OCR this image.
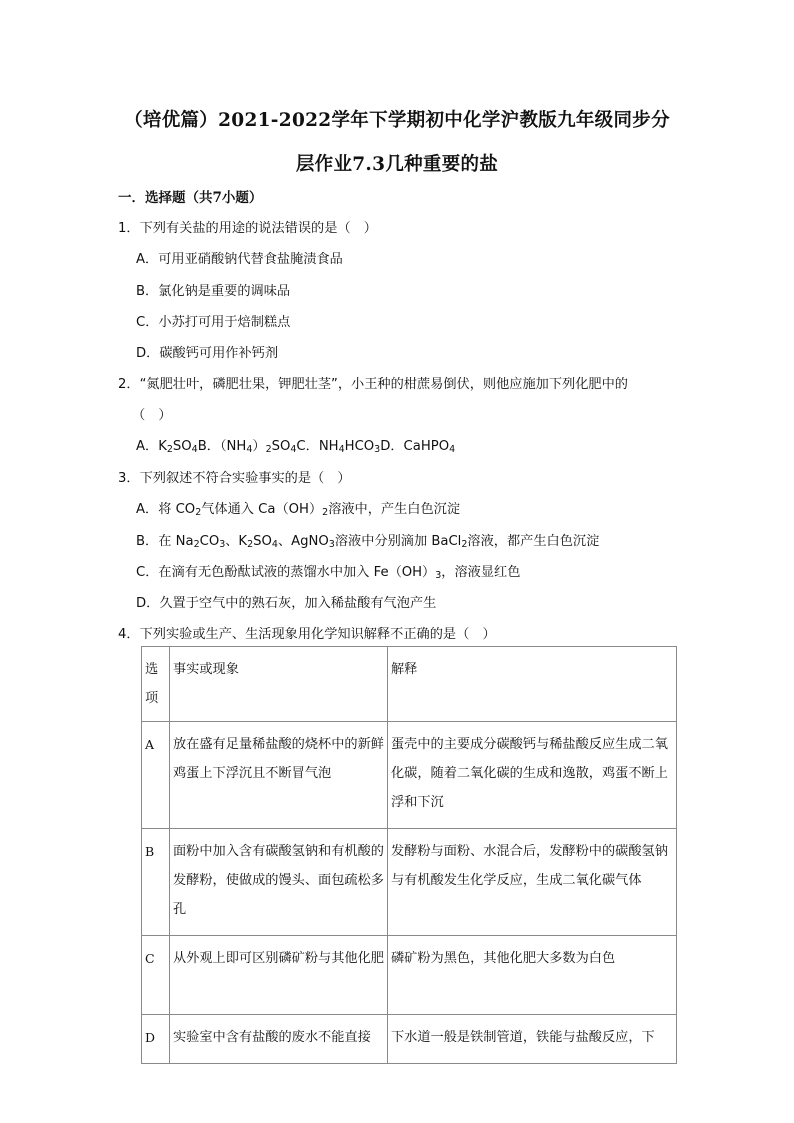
（培优篇）2021-2022学年下学期初中化学沪教版九年级同步分
层作业7.3几种重要的盐
一．选择题（共7小题）
1．下列有关盐的用途的说法错误的是（　）
A．可用亚硝酸钠代替食盐腌渍食品
B．氯化钠是重要的调味品
C．小苏打可用于焙制糕点
D．碳酸钙可用作补钙剂
2．“氮肥壮叶，磷肥壮果，钾肥壮茎”，小王种的柑蔗易倒伏，则他应施加下列化肥中的
（　）
A．$K_2SO_4B$．$(NH_4)_2SO_4C$．$NH_4HCO_3D$．CaHPO$_4$
3．下列叙述不符合实验事实的是（　）
A．将 $CO_2$气体通入 $Ca(OH)_2$溶液中，产生白色沉淀
B．在 $Na_2CO_3$、$K_2SO_4$、AgNO$_3$溶液中分别滴加 BaCl$_2$溶液，都产生白色沉淀
C．在滴有无色酚酞试液的蒸馏水中加入 $Fe(OH)_3$，溶液显红色
D．久置于空气中的熟石灰，加入稀盐酸有气泡产生
4．下列实验或生产、生活现象用化学知识解释不正确的是（　）
选项	事实或现象	解释
A	放在盛有足量稀盐酸的烧杯中的新鲜鸡蛋上下浮沉且不断冒气泡	蛋壳中的主要成分碳酸钙与稀盐酸反应生成二氧化碳，随着二氧化碳的生成和逸散，鸡蛋不断上浮和下沉
B	面粉中加入含有碳酸氢钠和有机酸的发酵粉，使做成的馒头、面包疏松多孔	发酵粉与面粉、水混合后，发酵粉中的碳酸氢钠与有机酸发生化学反应，生成二氧化碳气体
C	从外观上即可区别磷矿粉与其他化肥	磷矿粉为黑色，其他化肥大多数为白色
D	实验室中含有盐酸的废水不能直接	下水道一般是铁制管道，铁能与盐酸反应，下
